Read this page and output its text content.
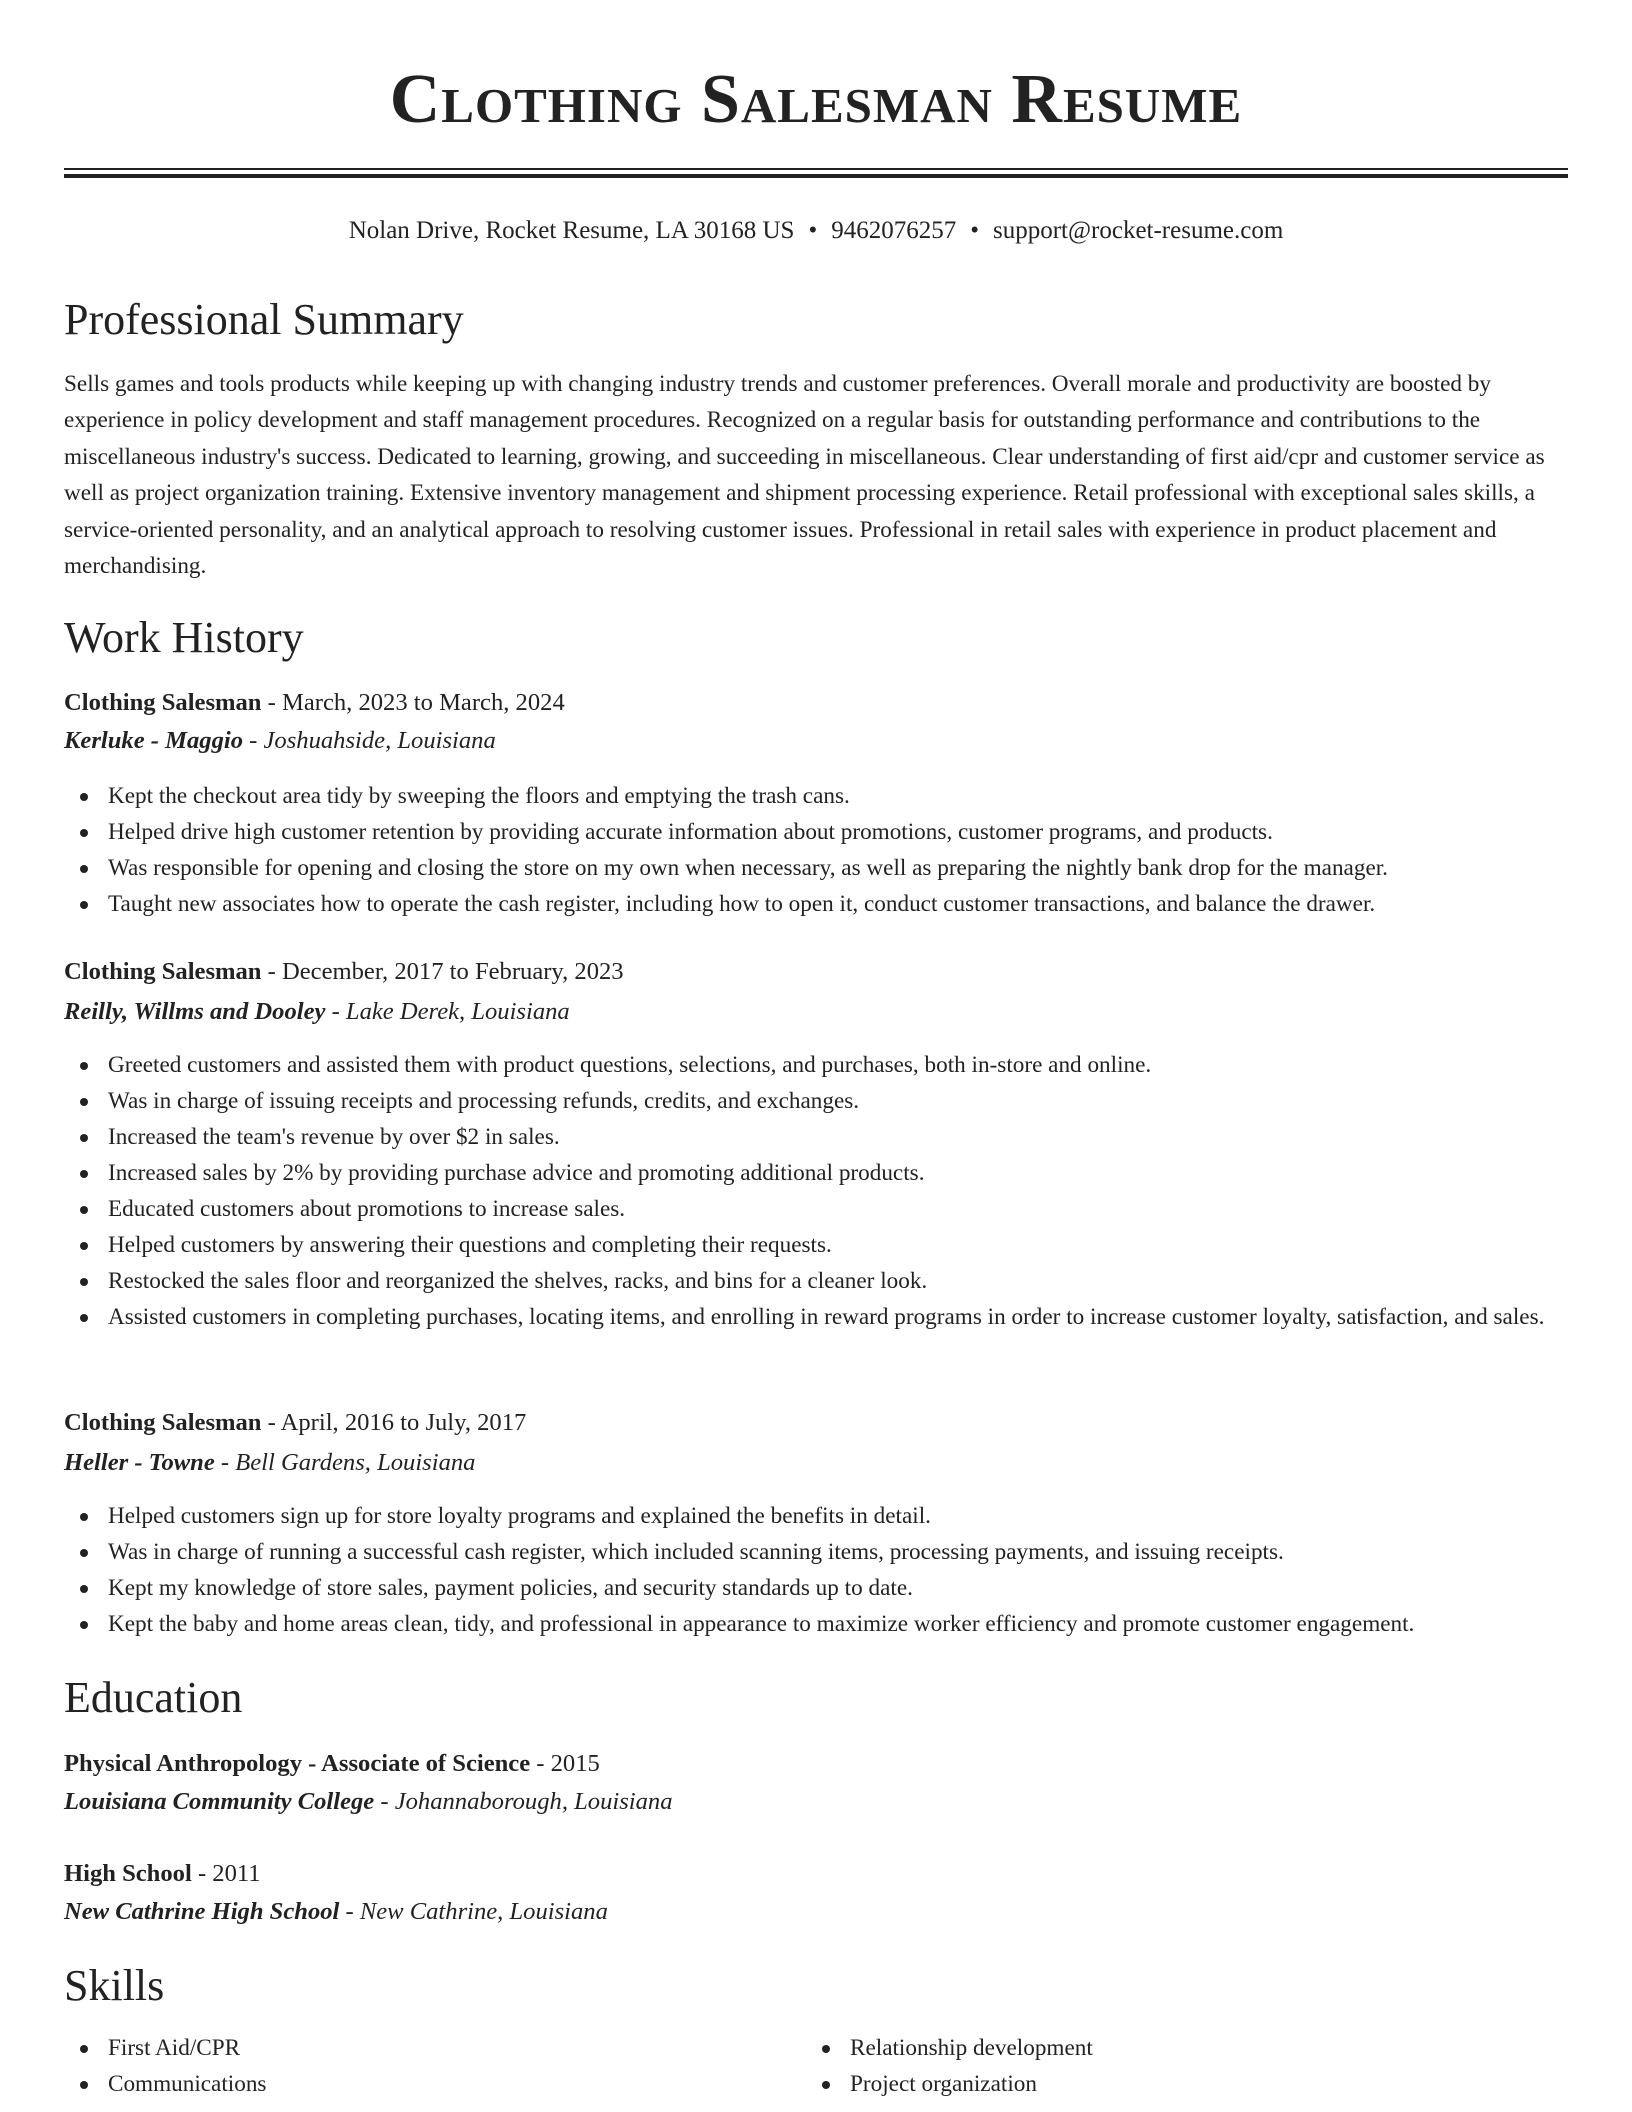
Clothing Salesman Resume
Nolan Drive, Rocket Resume, LA 30168 US • 9462076257 • support@rocket-resume.com
Professional Summary

Sells games and tools products while keeping up with changing industry trends and customer preferences. Overall morale and productivity are boosted by experience in policy development and staff management procedures. Recognized on a regular basis for outstanding performance and contributions to the miscellaneous industry's success. Dedicated to learning, growing, and succeeding in miscellaneous. Clear understanding of first aid/cpr and customer service as well as project organization training. Extensive inventory management and shipment processing experience. Retail professional with exceptional sales skills, a service-oriented personality, and an analytical approach to resolving customer issues. Professional in retail sales with experience in product placement and merchandising.

Work History
Clothing Salesman - March, 2023 to March, 2024
Kerluke - Maggio - Joshuahside, Louisiana
Kept the checkout area tidy by sweeping the floors and emptying the trash cans.
Helped drive high customer retention by providing accurate information about promotions, customer programs, and products.
Was responsible for opening and closing the store on my own when necessary, as well as preparing the nightly bank drop for the manager.
Taught new associates how to operate the cash register, including how to open it, conduct customer transactions, and balance the drawer.
Clothing Salesman - December, 2017 to February, 2023
Reilly, Willms and Dooley - Lake Derek, Louisiana
Greeted customers and assisted them with product questions, selections, and purchases, both in-store and online.
Was in charge of issuing receipts and processing refunds, credits, and exchanges.
Increased the team's revenue by over $2 in sales.
Increased sales by 2% by providing purchase advice and promoting additional products.
Educated customers about promotions to increase sales.
Helped customers by answering their questions and completing their requests.
Restocked the sales floor and reorganized the shelves, racks, and bins for a cleaner look.
Assisted customers in completing purchases, locating items, and enrolling in reward programs in order to increase customer loyalty, satisfaction, and sales.
Clothing Salesman - April, 2016 to July, 2017
Heller - Towne - Bell Gardens, Louisiana
Helped customers sign up for store loyalty programs and explained the benefits in detail.
Was in charge of running a successful cash register, which included scanning items, processing payments, and issuing receipts.
Kept my knowledge of store sales, payment policies, and security standards up to date.
Kept the baby and home areas clean, tidy, and professional in appearance to maximize worker efficiency and promote customer engagement.
Education
Physical Anthropology - Associate of Science - 2015
Louisiana Community College - Johannaborough, Louisiana
High School - 2011
New Cathrine High School - New Cathrine, Louisiana
Skills
First Aid/CPR
Communications
Relationship development
Project organization
